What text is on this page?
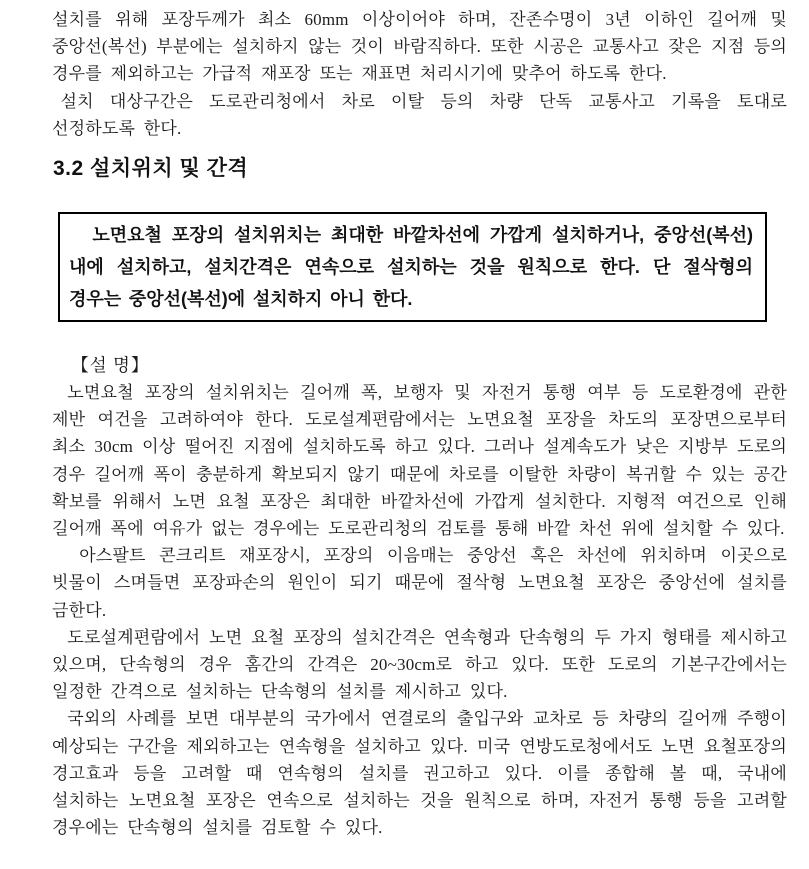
설치를 위해 포장두께가 최소 60mm 이상이어야 하며, 잔존수명이 3년 이하인 길어깨 및 중앙선(복선) 부분에는 설치하지 않는 것이 바람직하다. 또한 시공은 교통사고 잦은 지점 등의 경우를 제외하고는 가급적 재포장 또는 재표면 처리시기에 맞추어 하도록 한다.

설치 대상구간은 도로관리청에서 차로 이탈 등의 차량 단독 교통사고 기록을 토대로 선정하도록 한다.

3.2 설치위치 및 간격

노면요철 포장의 설치위치는 최대한 바깥차선에 가깝게 설치하거나, 중앙선(복선) 내에 설치하고, 설치간격은 연속으로 설치하는 것을 원칙으로 한다. 단 절삭형의 경우는 중앙선(복선)에 설치하지 아니 한다.

【설 명】

노면요철 포장의 설치위치는 길어깨 폭, 보행자 및 자전거 통행 여부 등 도로환경에 관한 제반 여건을 고려하여야 한다. 도로설계편람에서는 노면요철 포장을 차도의 포장면으로부터 최소 30cm 이상 떨어진 지점에 설치하도록 하고 있다. 그러나 설계속도가 낮은 지방부 도로의 경우 길어깨 폭이 충분하게 확보되지 않기 때문에 차로를 이탈한 차량이 복귀할 수 있는 공간 확보를 위해서 노면 요철 포장은 최대한 바깥차선에 가깝게 설치한다. 지형적 여건으로 인해 길어깨 폭에 여유가 없는 경우에는 도로관리청의 검토를 통해 바깥 차선 위에 설치할 수 있다.

아스팔트 콘크리트 재포장시, 포장의 이음매는 중앙선 혹은 차선에 위치하며 이곳으로 빗물이 스며들면 포장파손의 원인이 되기 때문에 절삭형 노면요철 포장은 중앙선에 설치를 금한다.

도로설계편람에서 노면 요철 포장의 설치간격은 연속형과 단속형의 두 가지 형태를 제시하고 있으며, 단속형의 경우 홈간의 간격은 20~30cm로 하고 있다. 또한 도로의 기본구간에서는 일정한 간격으로 설치하는 단속형의 설치를 제시하고 있다.

국외의 사례를 보면 대부분의 국가에서 연결로의 출입구와 교차로 등 차량의 길어깨 주행이 예상되는 구간을 제외하고는 연속형을 설치하고 있다. 미국 연방도로청에서도 노면 요철포장의 경고효과 등을 고려할 때 연속형의 설치를 권고하고 있다. 이를 종합해 볼 때, 국내에 설치하는 노면요철 포장은 연속으로 설치하는 것을 원칙으로 하며, 자전거 통행 등을 고려할 경우에는 단속형의 설치를 검토할 수 있다.
